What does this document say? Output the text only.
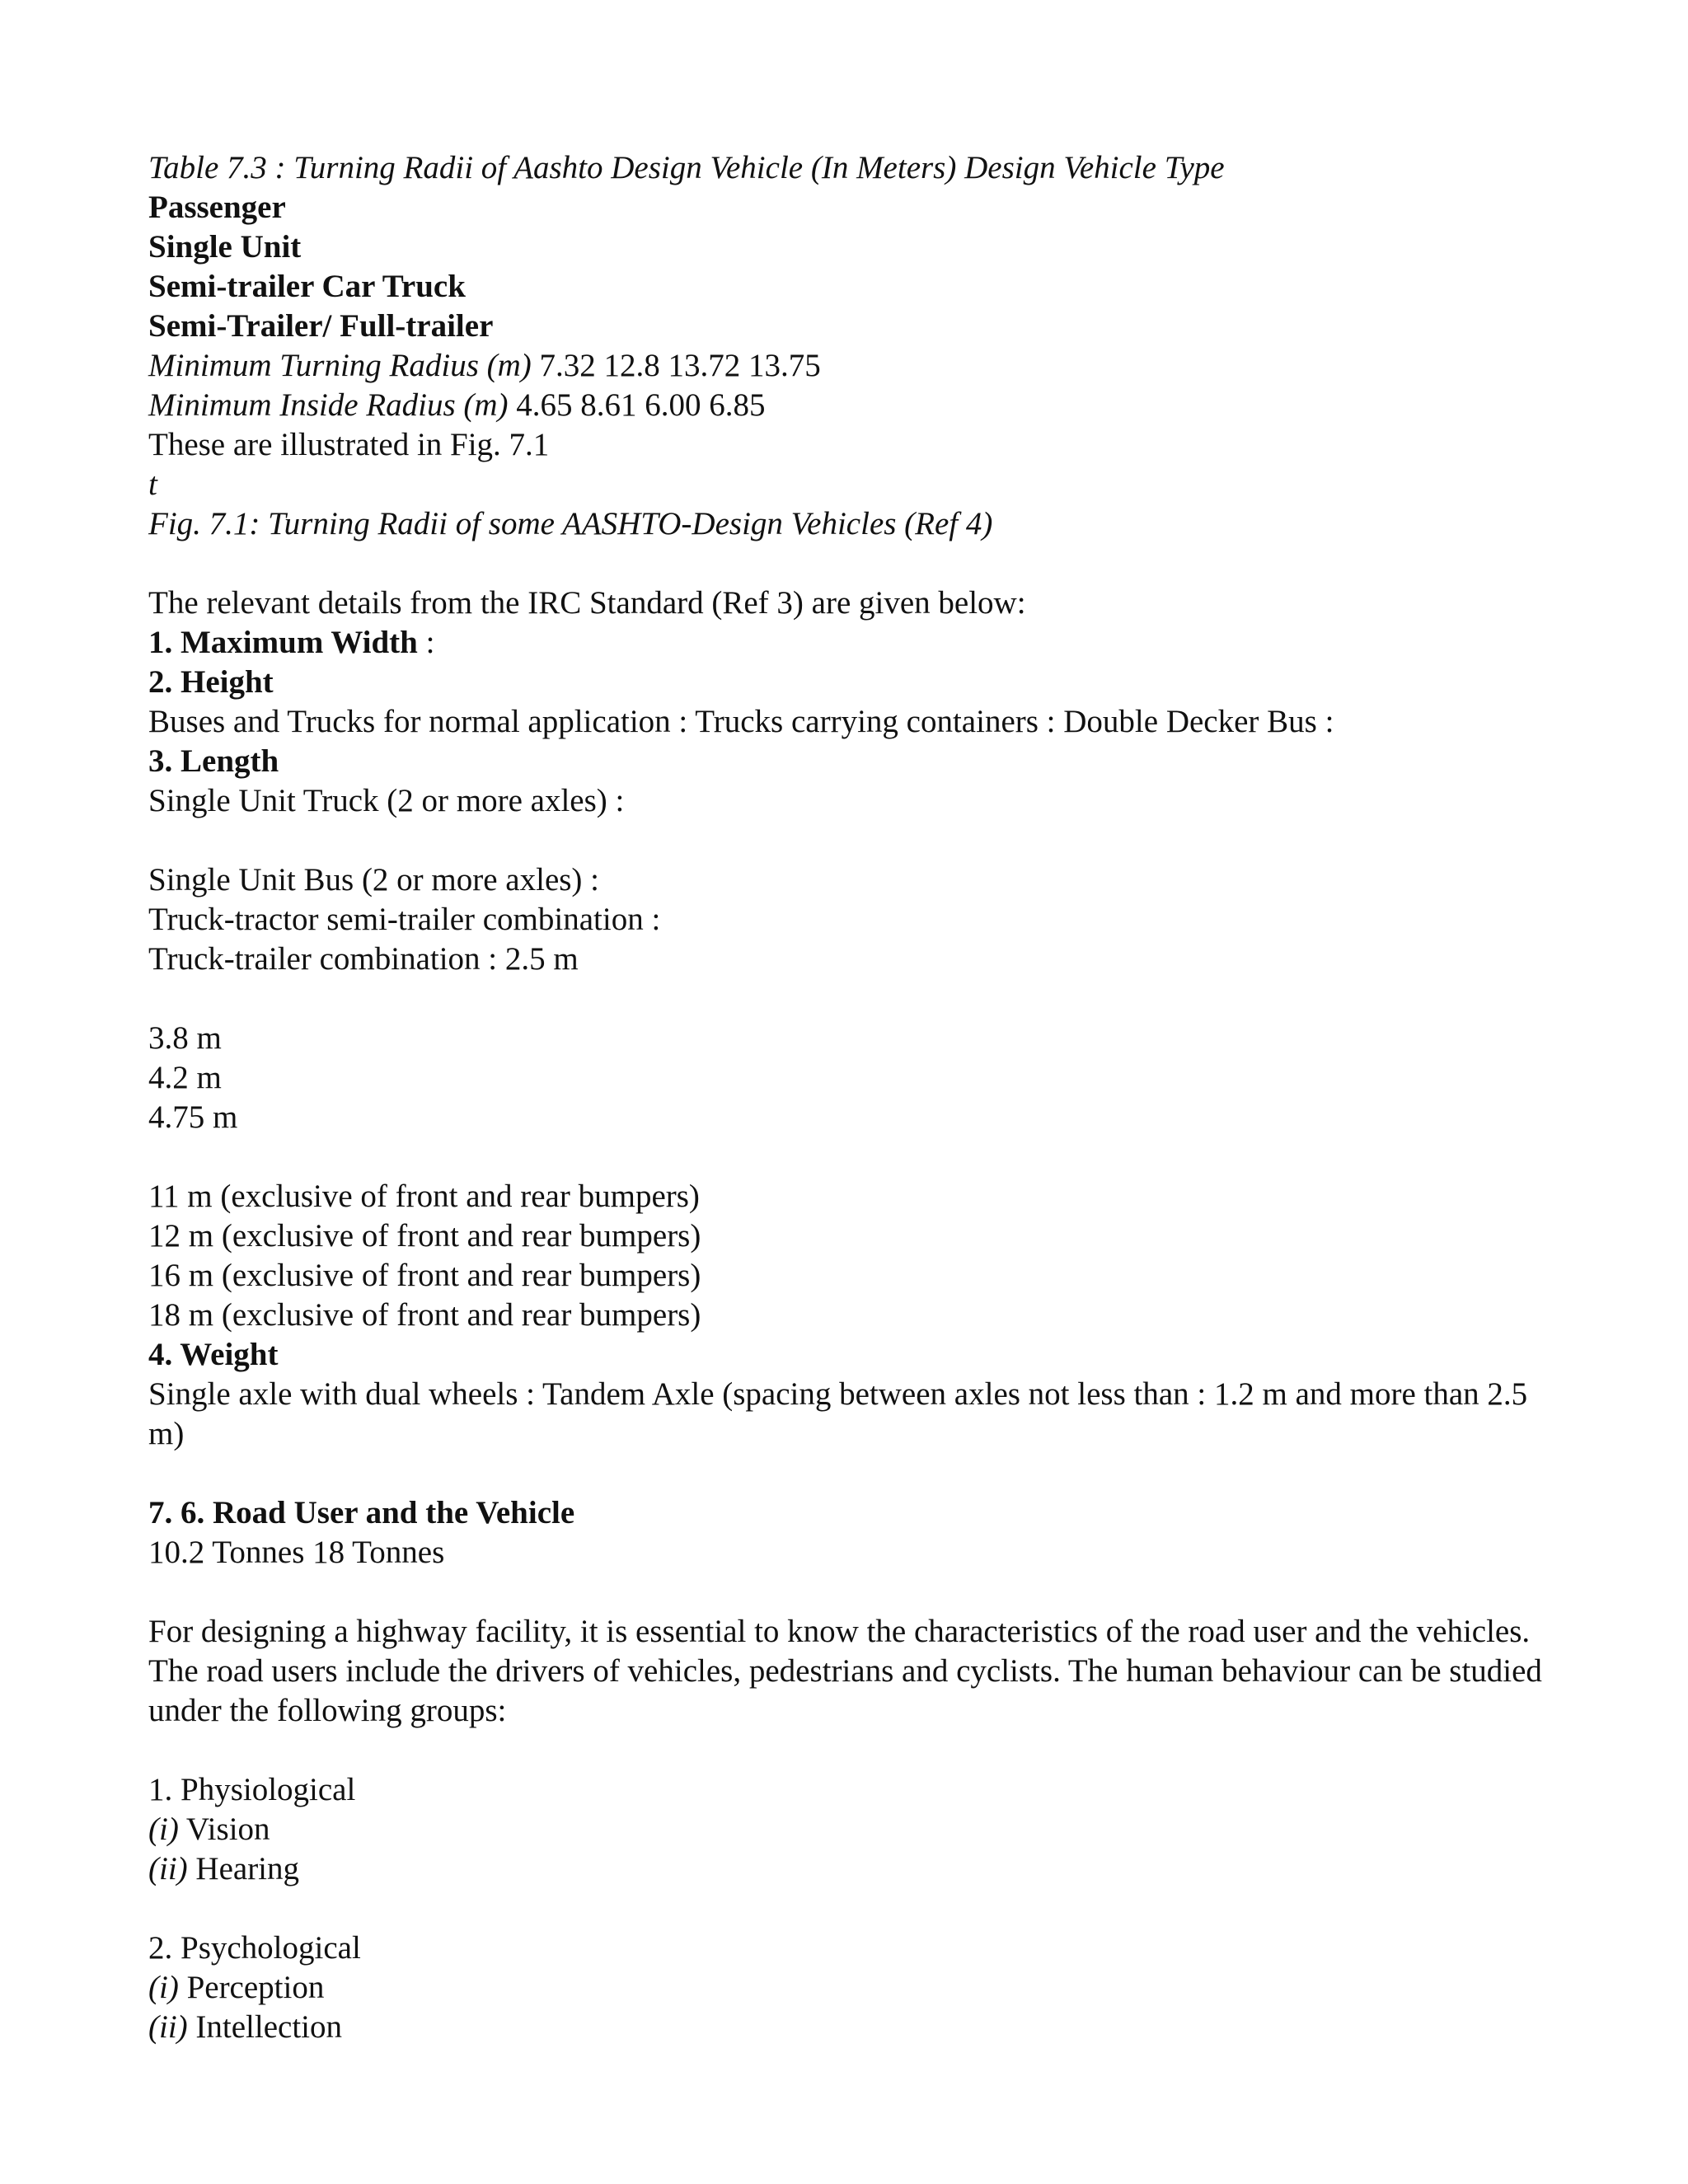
Table 7.3 : Turning Radii of Aashto Design Vehicle (In Meters) Design Vehicle Type
Passenger
Single Unit
Semi-trailer Car Truck
Semi-Trailer/ Full-trailer
Minimum Turning Radius (m) 7.32 12.8 13.72 13.75
Minimum Inside Radius (m) 4.65 8.61 6.00 6.85
These are illustrated in Fig. 7.1
t
Fig. 7.1: Turning Radii of some AASHTO-Design Vehicles (Ref 4)
The relevant details from the IRC Standard (Ref 3) are given below:
1. Maximum Width :
2. Height
Buses and Trucks for normal application : Trucks carrying containers : Double Decker Bus :
3. Length
Single Unit Truck (2 or more axles) :
Single Unit Bus (2 or more axles) :
Truck-tractor semi-trailer combination :
Truck-trailer combination : 2.5 m
3.8 m
4.2 m
4.75 m
11 m (exclusive of front and rear bumpers)
12 m (exclusive of front and rear bumpers)
16 m (exclusive of front and rear bumpers)
18 m (exclusive of front and rear bumpers)
4. Weight
Single axle with dual wheels : Tandem Axle (spacing between axles not less than : 1.2 m and more than 2.5 m)
7. 6. Road User and the Vehicle
10.2 Tonnes 18 Tonnes
For designing a highway facility, it is essential to know the characteristics of the road user and the vehicles. The road users include the drivers of vehicles, pedestrians and cyclists. The human behaviour can be studied under the following groups:
1. Physiological
(i) Vision
(ii) Hearing
2. Psychological
(i) Perception
(ii) Intellection
